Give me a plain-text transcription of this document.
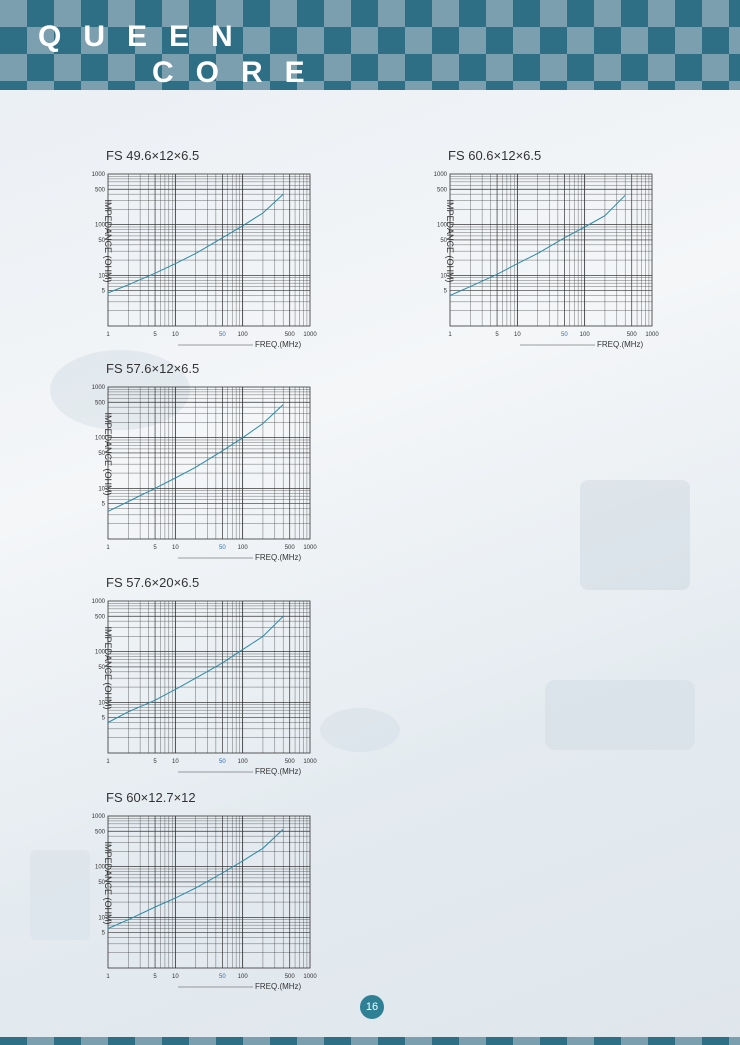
QUEEN
CORE
FS 49.6×12×6.5
IMPEDANCE (OHM)
1	5	10	50 100	500 1000
1000
500
100
50
10
5
FREQ.(MHz)
FS 60.6×12×6.5
IMPEDANCE (OHM)
1	5	10	50 100	500 1000
1000
500
100
50
10
5
FREQ.(MHz)
FS 57.6×12×6.5
IMPEDANCE (OHM)
1	5	10	50 100	500 1000
1000
500
100
50
10
5
FREQ.(MHz)
FS 57.6×20×6.5
IMPEDANCE (OHM)
1	5	10	50 100	500 1000
1000
500
100
50
10
5
FREQ.(MHz)
FS 60×12.7×12
IMPEDANCE (OHM)
1	5	10	50 100	500 1000
1000
500
100
50
10
5
FREQ.(MHz)
16
